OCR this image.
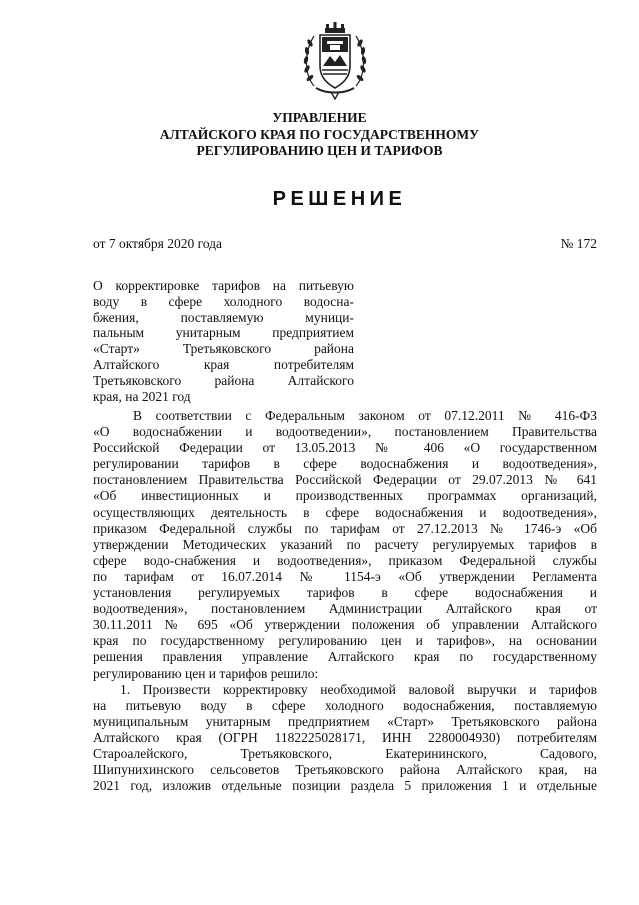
УПРАВЛЕНИЕ
АЛТАЙСКОГО КРАЯ ПО ГОСУДАРСТВЕННОМУ
РЕГУЛИРОВАНИЮ ЦЕН И ТАРИФОВ
РЕШЕНИЕ
от 7 октября 2020 года	№ 172
О корректировке тарифов на питьевую
воду в сфере холодного водосна-
бжения, поставляемую муници-
пальным унитарным предприятием
«Старт» Третьяковского района
Алтайского края потребителям
Третьяковского района Алтайского
края, на 2021 год
В соответствии с Федеральным законом от 07.12.2011 № 416-ФЗ
«О водоснабжении и водоотведении», постановлением Правительства
Российской Федерации от 13.05.2013 № 406 «О государственном
регулировании тарифов в сфере водоснабжения и водоотведения»,
постановлением Правительства Российской Федерации от 29.07.2013 № 641
«Об инвестиционных и производственных программах организаций,
осуществляющих деятельность в сфере водоснабжения и водоотведения»,
приказом Федеральной службы по тарифам от 27.12.2013 № 1746-э «Об
утверждении Методических указаний по расчету регулируемых тарифов в
сфере водо-снабжения и водоотведения», приказом Федеральной службы
по тарифам от 16.07.2014 № 1154-э «Об утверждении Регламента
установления регулируемых тарифов в сфере водоснабжения и
водоотведения», постановлением Администрации Алтайского края от
30.11.2011 № 695 «Об утверждении положения об управлении Алтайского
края по государственному регулированию цен и тарифов», на основании
решения правления управление Алтайского края по государственному
регулированию цен и тарифов решило:
1. Произвести корректировку необходимой валовой выручки и тарифов
на питьевую воду в сфере холодного водоснабжения, поставляемую
муниципальным унитарным предприятием «Старт» Третьяковского района
Алтайского края (ОГРН 1182225028171, ИНН 2280004930) потребителям
Староалейского, Третьяковского, Екатерининского, Садового,
Шипунихинского сельсоветов Третьяковского района Алтайского края, на
2021 год, изложив отдельные позиции раздела 5 приложения 1 и отдельные
